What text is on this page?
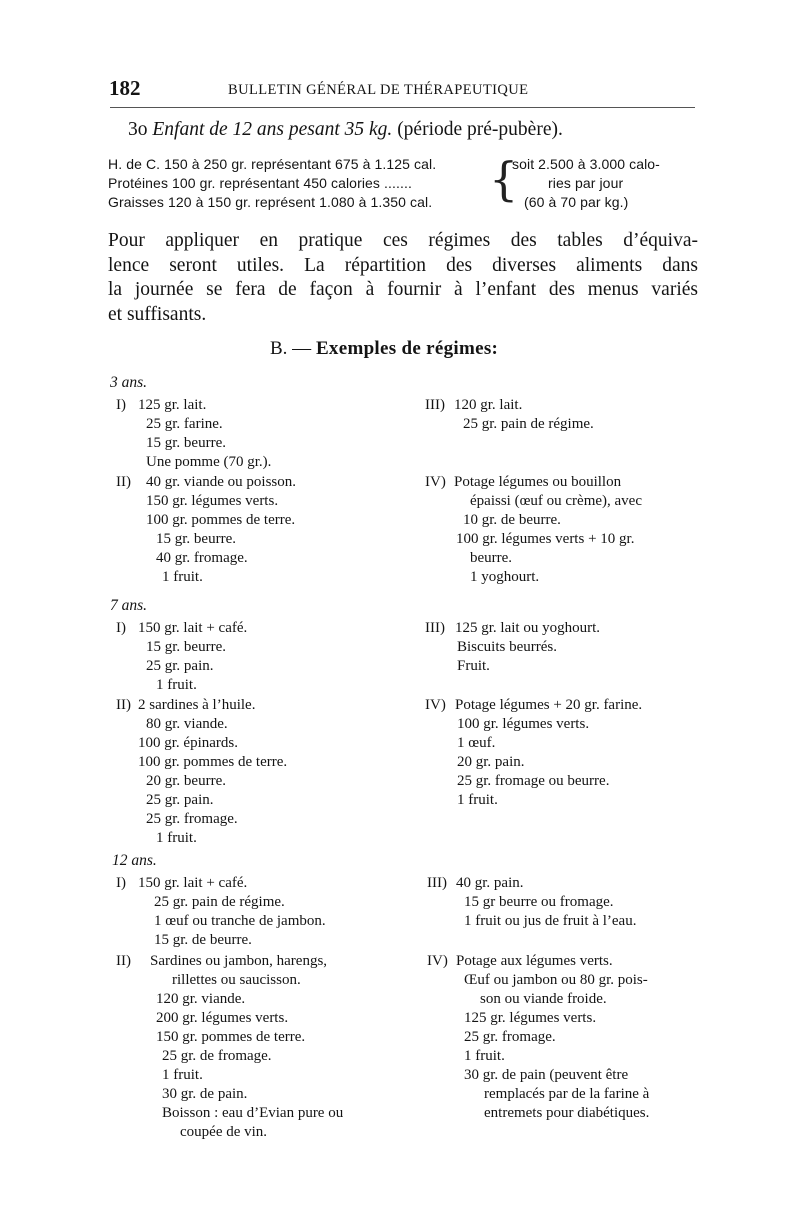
182	BULLETIN GÉNÉRAL DE THÉRAPEUTIQUE
3o Enfant de 12 ans pesant 35 kg. (période pré-pubère).
H. de C. 150 à 250 gr. représentant 675 à 1.125 cal.
Protéines 100 gr. représentant 450 calories .......
Graisses 120 à 150 gr. représent 1.080 à 1.350 cal. {
soit 2.500 à 3.000 calo-
ries par jour
(60 à 70 par kg.)
Pour appliquer en pratique ces régimes des tables d’équiva-
lence seront utiles. La répartition des diverses aliments dans
la journée se fera de façon à fournir à l’enfant des menus variés
et suffisants.
B. — Exemples de régimes:
3 ans.
I) 125 gr. lait.
25 gr. farine.
15 gr. beurre.
Une pomme (70 gr.).
II) 40 gr. viande ou poisson.
150 gr. légumes verts.
100 gr. pommes de terre.
15 gr. beurre.
40 gr. fromage.
1 fruit.
III) 120 gr. lait.
25 gr. pain de régime.
IV) Potage légumes ou bouillon
épaissi (œuf ou crème), avec
10 gr. de beurre.
100 gr. légumes verts + 10 gr.
beurre.
1 yoghourt.
7 ans.
I) 150 gr. lait + café.
15 gr. beurre.
25 gr. pain.
1 fruit.
II) 2 sardines à l’huile.
80 gr. viande.
100 gr. épinards.
100 gr. pommes de terre.
20 gr. beurre.
25 gr. pain.
25 gr. fromage.
1 fruit.
III) 125 gr. lait ou yoghourt.
Biscuits beurrés.
Fruit.
IV) Potage légumes + 20 gr. farine.
100 gr. légumes verts.
1 œuf.
20 gr. pain.
25 gr. fromage ou beurre.
1 fruit.
12 ans.
I) 150 gr. lait + café.
25 gr. pain de régime.
1 œuf ou tranche de jambon.
15 gr. de beurre.
II) Sardines ou jambon, harengs,
rillettes ou saucisson.
120 gr. viande.
200 gr. légumes verts.
150 gr. pommes de terre.
25 gr. de fromage.
1 fruit.
30 gr. de pain.
Boisson : eau d’Evian pure ou
coupée de vin.
III) 40 gr. pain.
15 gr beurre ou fromage.
1 fruit ou jus de fruit à l’eau.
IV) Potage aux légumes verts.
Œuf ou jambon ou 80 gr. pois-
son ou viande froide.
125 gr. légumes verts.
25 gr. fromage.
1 fruit.
30 gr. de pain (peuvent être
remplacés par de la farine à
entremets pour diabétiques.
